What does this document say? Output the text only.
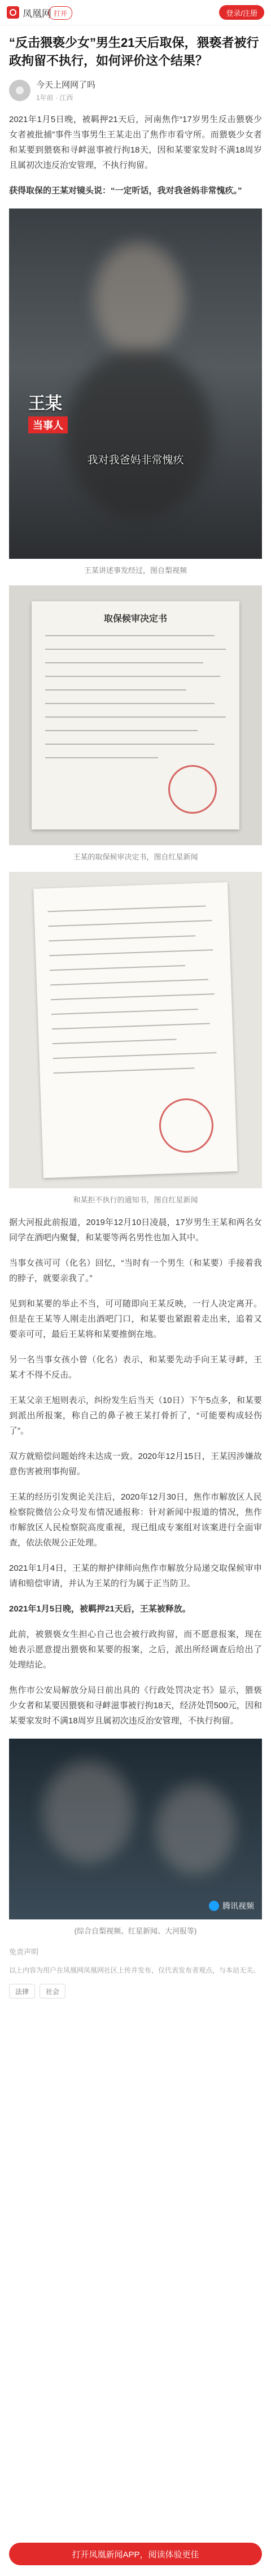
凤凰网 打开	登录/注册
“反击猥亵少女”男生21天后取保，猥亵者被行政拘留不执行，如何评价这个结果？
今天上网网了吗
1年前 · 江西
2021年1月5日晚，被羁押21天后，河南焦作“17岁男生反击猥亵少女者被批捕”事件当事男生王某走出了焦作市看守所。而猥亵少女者和某要到猥亵和寻衅滋事被行拘18天，因和某要家发时不满18周岁且属初次违反治安管理，不执行拘留。
获得取保的王某对镜头说：“一定听话，我对我爸妈非常愧疚。”
王某
当事人
我对我爸妈非常愧疚
王某讲述事发经过，图自梨视频
取保候审决定书
王某的取保候审决定书，图自红星新闻
和某拒不执行的通知书，图自红星新闻
据大河报此前报道，2019年12月10日凌晨，17岁男生王某和两名女同学在酒吧内聚餐，和某要等两名男性也加入其中。
当事女孩可可（化名）回忆，“当时有一个男生（和某要）手接着我的脖子，就要亲我了。”
见到和某要的举止不当，可可随即向王某反映，一行人决定离开。但是在王某等人刚走出酒吧门口，和某要也紧跟着走出来，追着又要亲可可，最后王某将和某要推倒在地。
另一名当事女孩小曾（化名）表示，和某要先动手向王某寻衅，王某才不得不反击。
王某父亲王旭则表示，纠纷发生后当天（10日）下午5点多，和某要到派出所报案，称自己的鼻子被王某打骨折了，“可能要构成轻伤了”。
双方就赔偿问题始终未达成一致。2020年12月15日，王某因涉嫌故意伤害被刑事拘留。
王某的经历引发舆论关注后，2020年12月30日，焦作市解放区人民检察院微信公众号发布情况通报称：针对新闻中报道的情况，焦作市解放区人民检察院高度重视，现已组成专案组对该案进行全面审查，依法依规公正处理。
2021年1月4日，王某的辩护律师向焦作市解放分局递交取保候审申请和赔偿审请，并认为王某的行为属于正当防卫。
2021年1月5日晚，被羁押21天后，王某被释放。
此前，被猥亵女生担心自己也会被行政拘留，而不愿意报案，现在她表示愿意提出猥亵和某要的报案，之后，派出所经调查后给出了处理结论。
焦作市公安局解放分局日前出具的《行政处罚决定书》显示，猥亵少女者和某要因猥亵和寻衅滋事被行拘18天，经济处罚500元，因和某要家发时不满18周岁且属初次违反治安管理，不执行拘留。
腾讯视频
(综合自梨视频、红星新闻、大河报等)
免责声明
以上内容为用户在凤凰网凤凰网社区上传并发布，仅代表发布者观点，与本站无关。
法律	社会
打开凤凰新闻APP，阅读体验更佳
